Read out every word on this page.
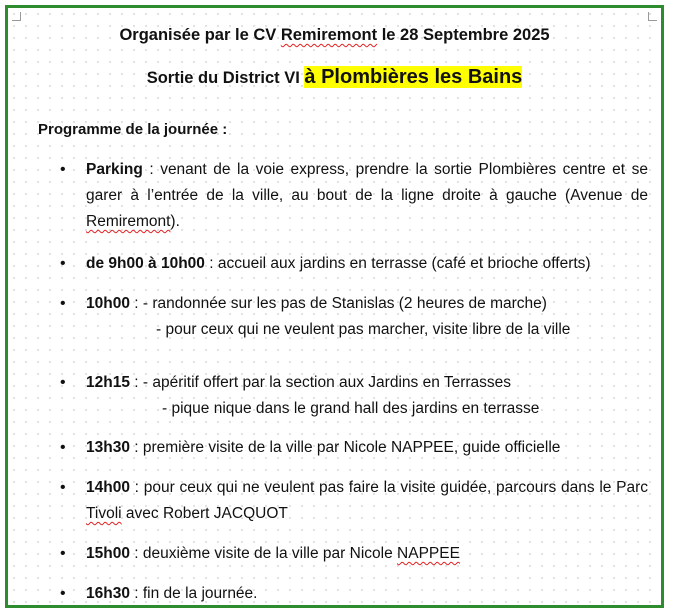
Organisée par le CV Remiremont le 28 Septembre 2025
Sortie du District VI à Plombières les Bains
Programme de la journée :
• Parking : venant de la voie express, prendre la sortie Plombières centre et se garer à l’entrée de la ville, au bout de la ligne droite à gauche (Avenue de Remiremont).
• de 9h00 à 10h00 : accueil aux jardins en terrasse (café et brioche offerts)
• 10h00 : - randonnée sur les pas de Stanislas (2 heures de marche)
- pour ceux qui ne veulent pas marcher, visite libre de la ville
• 12h15 : - apéritif offert par la section aux Jardins en Terrasses
- pique nique dans le grand hall des jardins en terrasse
• 13h30 : première visite de la ville par Nicole NAPPEE, guide officielle
• 14h00 : pour ceux qui ne veulent pas faire la visite guidée, parcours dans le Parc Tivoli avec Robert JACQUOT
• 15h00 : deuxième visite de la ville par Nicole NAPPEE
• 16h30 : fin de la journée.
